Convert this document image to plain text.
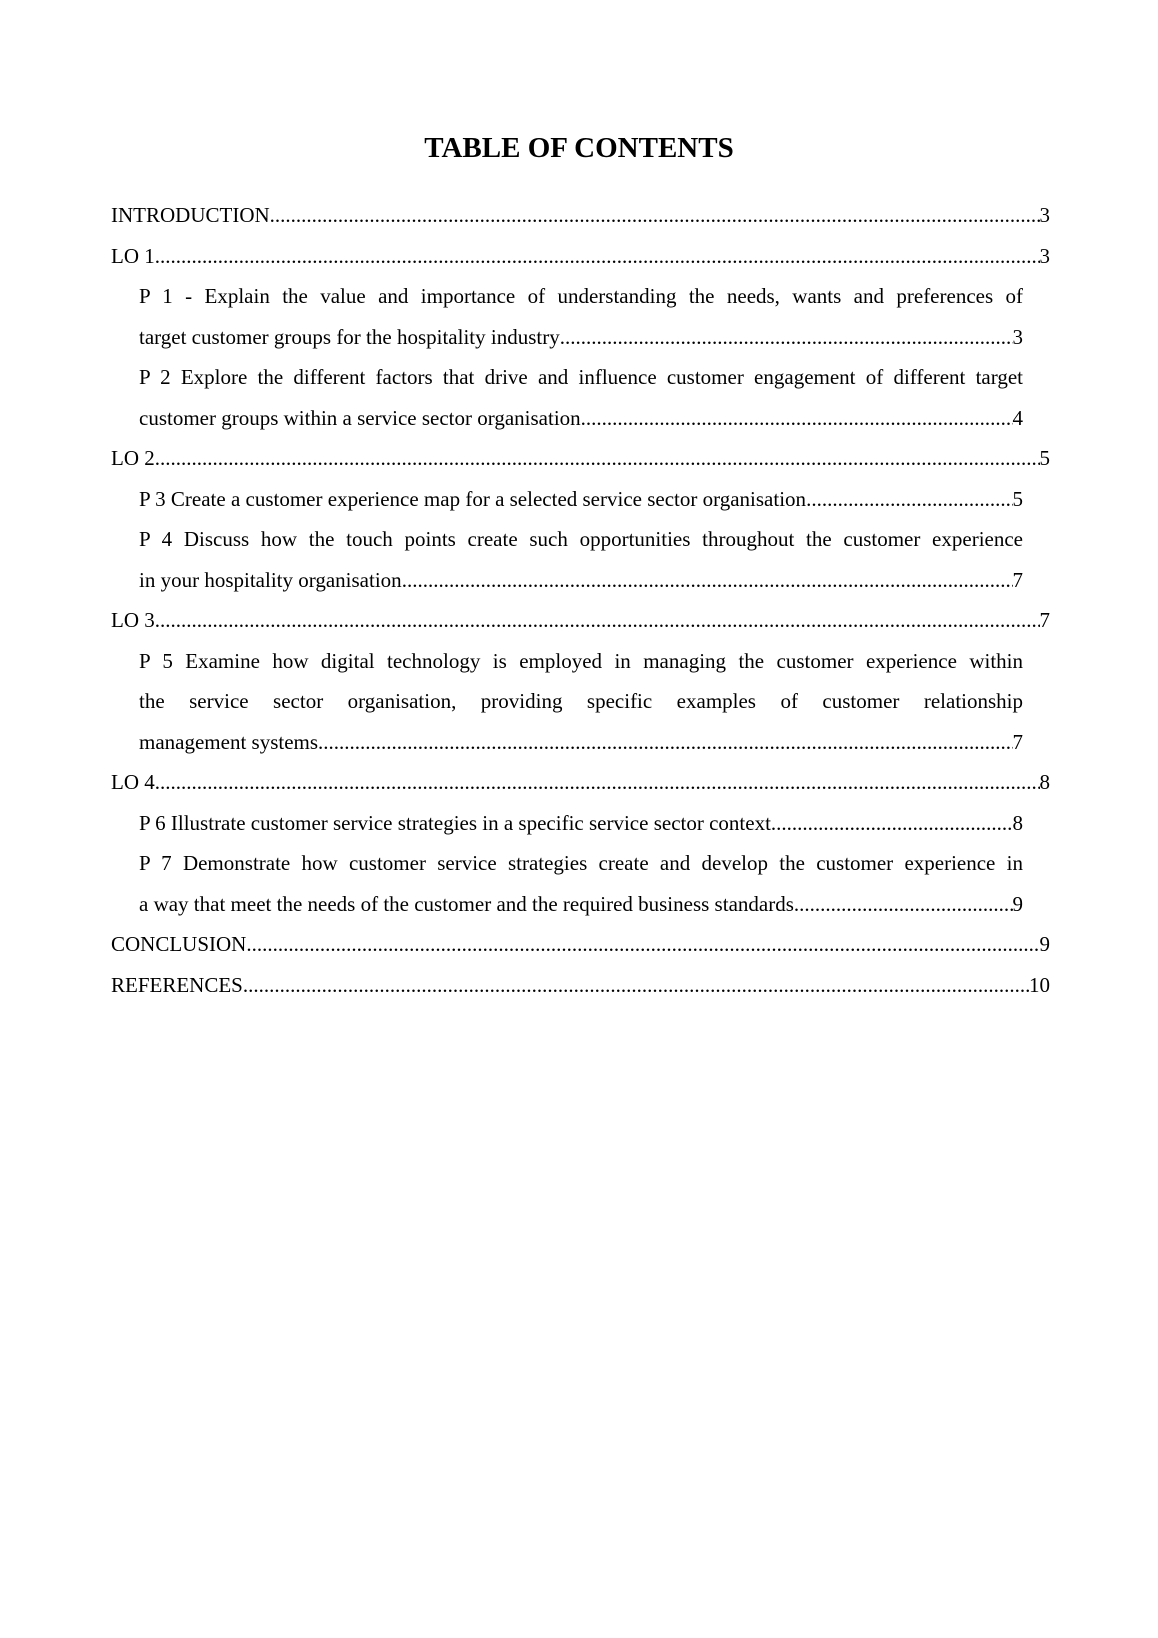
TABLE OF CONTENTS
INTRODUCTION .....	3
LO 1 .....	3
P 1 - Explain the value and importance of understanding the needs, wants and preferences of
target customer groups for the hospitality industry .....	3
P 2 Explore the different factors that drive and influence customer engagement of different target
customer groups within a service sector organisation .....	4
LO 2 .....	5
P 3 Create a customer experience map for a selected service sector organisation .....	5
P 4 Discuss how the touch points create such opportunities throughout the customer experience
in your hospitality organisation .....	7
LO 3 .....	7
P 5 Examine how digital technology is employed in managing the customer experience within
the service sector organisation, providing specific examples of customer relationship
management systems .....	7
LO 4 .....	8
P 6 Illustrate customer service strategies in a specific service sector context .....	8
P 7 Demonstrate how customer service strategies create and develop the customer experience in
a way that meet the needs of the customer and the required business standards .....	9
CONCLUSION .....	9
REFERENCES .....	10
